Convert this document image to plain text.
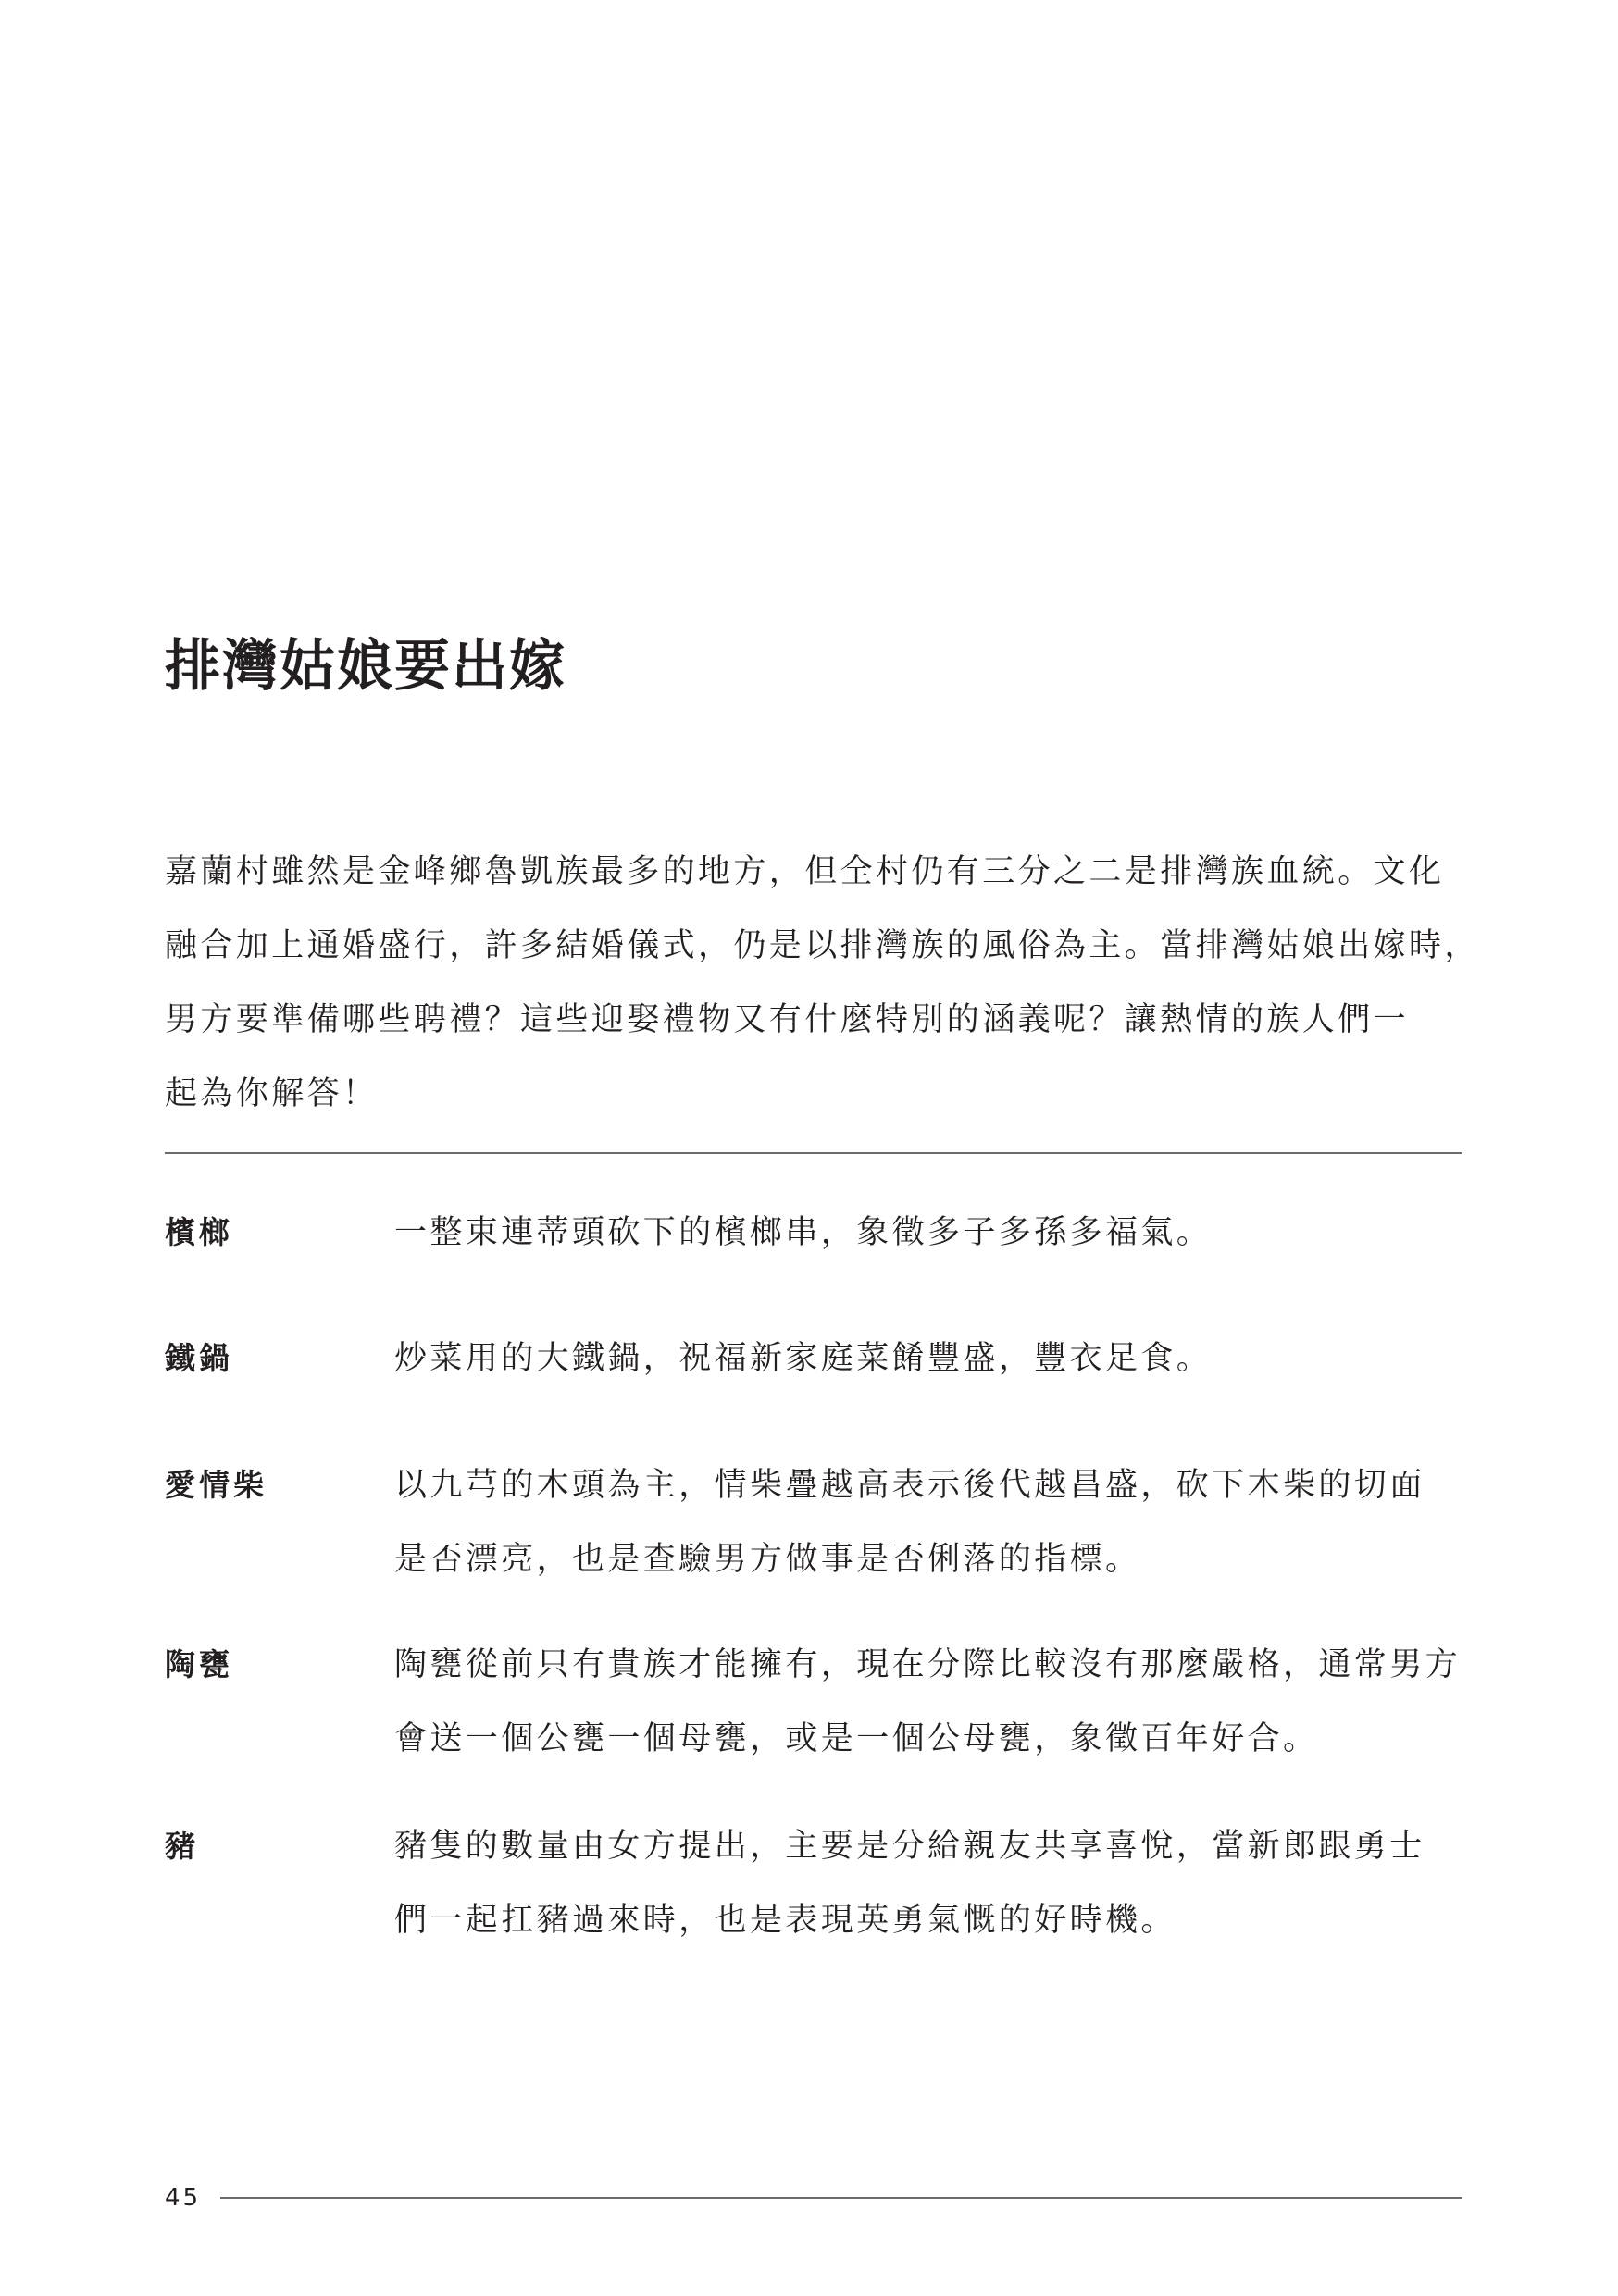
排灣姑娘要出嫁

嘉蘭村雖然是金峰鄉魯凱族最多的地方，但全村仍有三分之二是排灣族血統。文化
融合加上通婚盛行，許多結婚儀式，仍是以排灣族的風俗為主。當排灣姑娘出嫁時，
男方要準備哪些聘禮？這些迎娶禮物又有什麼特別的涵義呢？讓熱情的族人們一
起為你解答！

檳榔	一整束連蒂頭砍下的檳榔串，象徵多子多孫多福氣。
鐵鍋	炒菜用的大鐵鍋，祝福新家庭菜餚豐盛，豐衣足食。
愛情柴	以九芎的木頭為主，情柴疊越高表示後代越昌盛，砍下木柴的切面
是否漂亮，也是查驗男方做事是否俐落的指標。
陶甕	陶甕從前只有貴族才能擁有，現在分際比較沒有那麼嚴格，通常男方
會送一個公甕一個母甕，或是一個公母甕，象徵百年好合。
豬	豬隻的數量由女方提出，主要是分給親友共享喜悅，當新郎跟勇士
們一起扛豬過來時，也是表現英勇氣慨的好時機。
45
